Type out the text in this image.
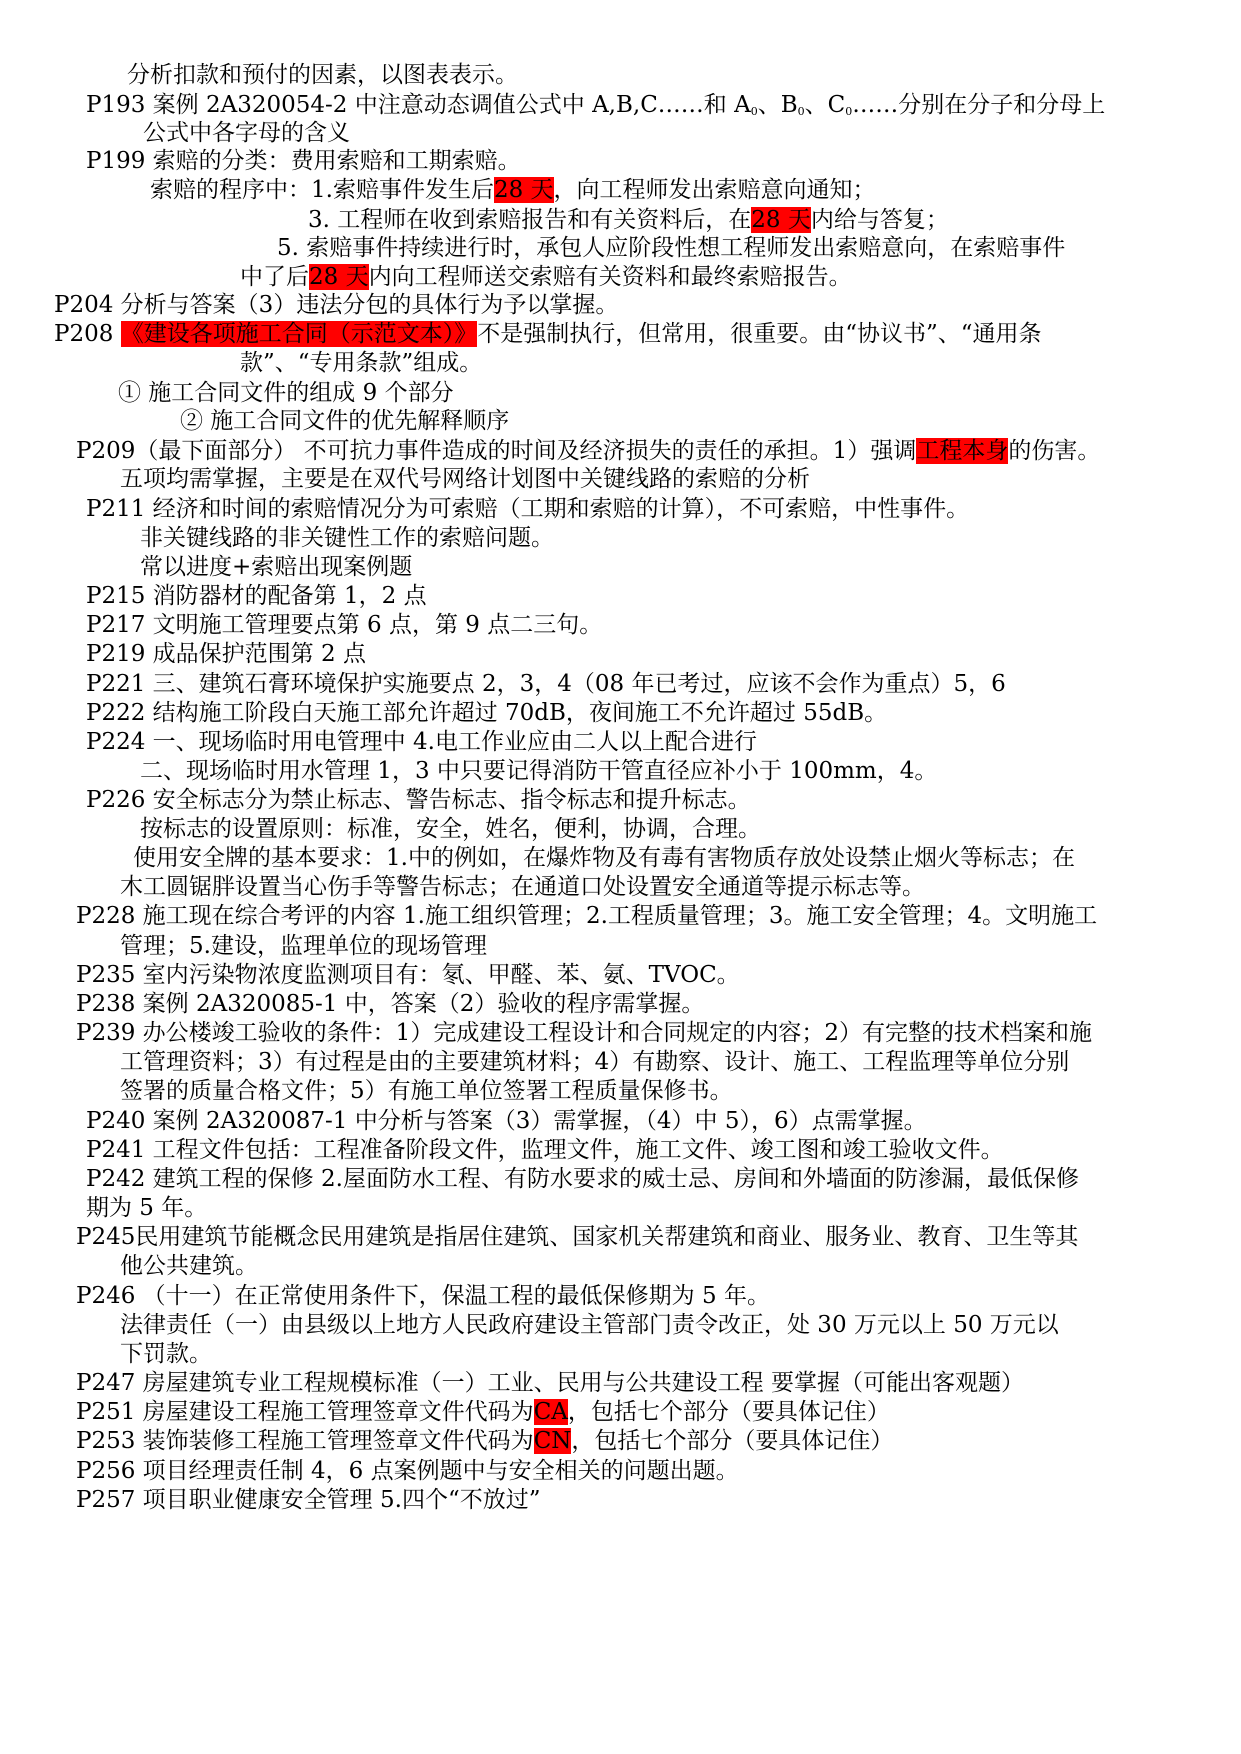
分析扣款和预付的因素，以图表表示。
P193 案例 2A320054-2 中注意动态调值公式中 A,B,C……和 $A_0$、$B_0$、$C_0\dots\dots$分别在分子和分母上
公式中各字母的含义
P199 索赔的分类：费用索赔和工期索赔。
索赔的程序中：1.索赔事件发生后28 天，向工程师发出索赔意向通知；
3. 工程师在收到索赔报告和有关资料后，在28 天内给与答复；
5. 索赔事件持续进行时，承包人应阶段性想工程师发出索赔意向，在索赔事件
中了后28 天内向工程师送交索赔有关资料和最终索赔报告。
P204 分析与答案（3）违法分包的具体行为予以掌握。
P208 《建设各项施工合同（示范文本）》不是强制执行，但常用，很重要。由“协议书”、“通用条
款”、“专用条款”组成。
① 施工合同文件的组成 9 个部分
② 施工合同文件的优先解释顺序
P209（最下面部分） 不可抗力事件造成的时间及经济损失的责任的承担。1）强调工程本身的伤害。
五项均需掌握，主要是在双代号网络计划图中关键线路的索赔的分析
P211 经济和时间的索赔情况分为可索赔（工期和索赔的计算），不可索赔，中性事件。
非关键线路的非关键性工作的索赔问题。
常以进度+索赔出现案例题
P215 消防器材的配备第 1，2 点
P217 文明施工管理要点第 6 点，第 9 点二三句。
P219 成品保护范围第 2 点
P221 三、建筑石膏环境保护实施要点 2，3，4（08 年已考过，应该不会作为重点）5，6
P222 结构施工阶段白天施工部允许超过 70dB，夜间施工不允许超过 55dB。
P224 一、现场临时用电管理中 4.电工作业应由二人以上配合进行
二、现场临时用水管理 1，3 中只要记得消防干管直径应补小于 100mm，4。
P226 安全标志分为禁止标志、警告标志、指令标志和提升标志。
按标志的设置原则：标准，安全，姓名，便利，协调，合理。
使用安全牌的基本要求：1.中的例如，在爆炸物及有毒有害物质存放处设禁止烟火等标志；在
木工圆锯胖设置当心伤手等警告标志；在通道口处设置安全通道等提示标志等。
P228 施工现在综合考评的内容 1.施工组织管理；2.工程质量管理；3。施工安全管理；4。文明施工
管理；5.建设，监理单位的现场管理
P235 室内污染物浓度监测项目有：氡、甲醛、苯、氨、TVOC。
P238 案例 2A320085-1 中，答案（2）验收的程序需掌握。
P239 办公楼竣工验收的条件：1）完成建设工程设计和合同规定的内容；2）有完整的技术档案和施
工管理资料；3）有过程是由的主要建筑材料；4）有勘察、设计、施工、工程监理等单位分别
签署的质量合格文件；5）有施工单位签署工程质量保修书。
P240 案例 2A320087-1 中分析与答案（3）需掌握，（4）中 5），6）点需掌握。
P241 工程文件包括：工程准备阶段文件，监理文件，施工文件、竣工图和竣工验收文件。
P242 建筑工程的保修 2.屋面防水工程、有防水要求的威士忌、房间和外墙面的防渗漏，最低保修
期为 5 年。
P245民用建筑节能概念民用建筑是指居住建筑、国家机关帮建筑和商业、服务业、教育、卫生等其
他公共建筑。
P246 （十一）在正常使用条件下，保温工程的最低保修期为 5 年。
法律责任（一）由县级以上地方人民政府建设主管部门责令改正，处 30 万元以上 50 万元以
下罚款。
P247 房屋建筑专业工程规模标准（一）工业、民用与公共建设工程 要掌握（可能出客观题）
P251 房屋建设工程施工管理签章文件代码为CA，包括七个部分（要具体记住）
P253 装饰装修工程施工管理签章文件代码为CN，包括七个部分（要具体记住）
P256 项目经理责任制 4，6 点案例题中与安全相关的问题出题。
P257 项目职业健康安全管理 5.四个“不放过”
